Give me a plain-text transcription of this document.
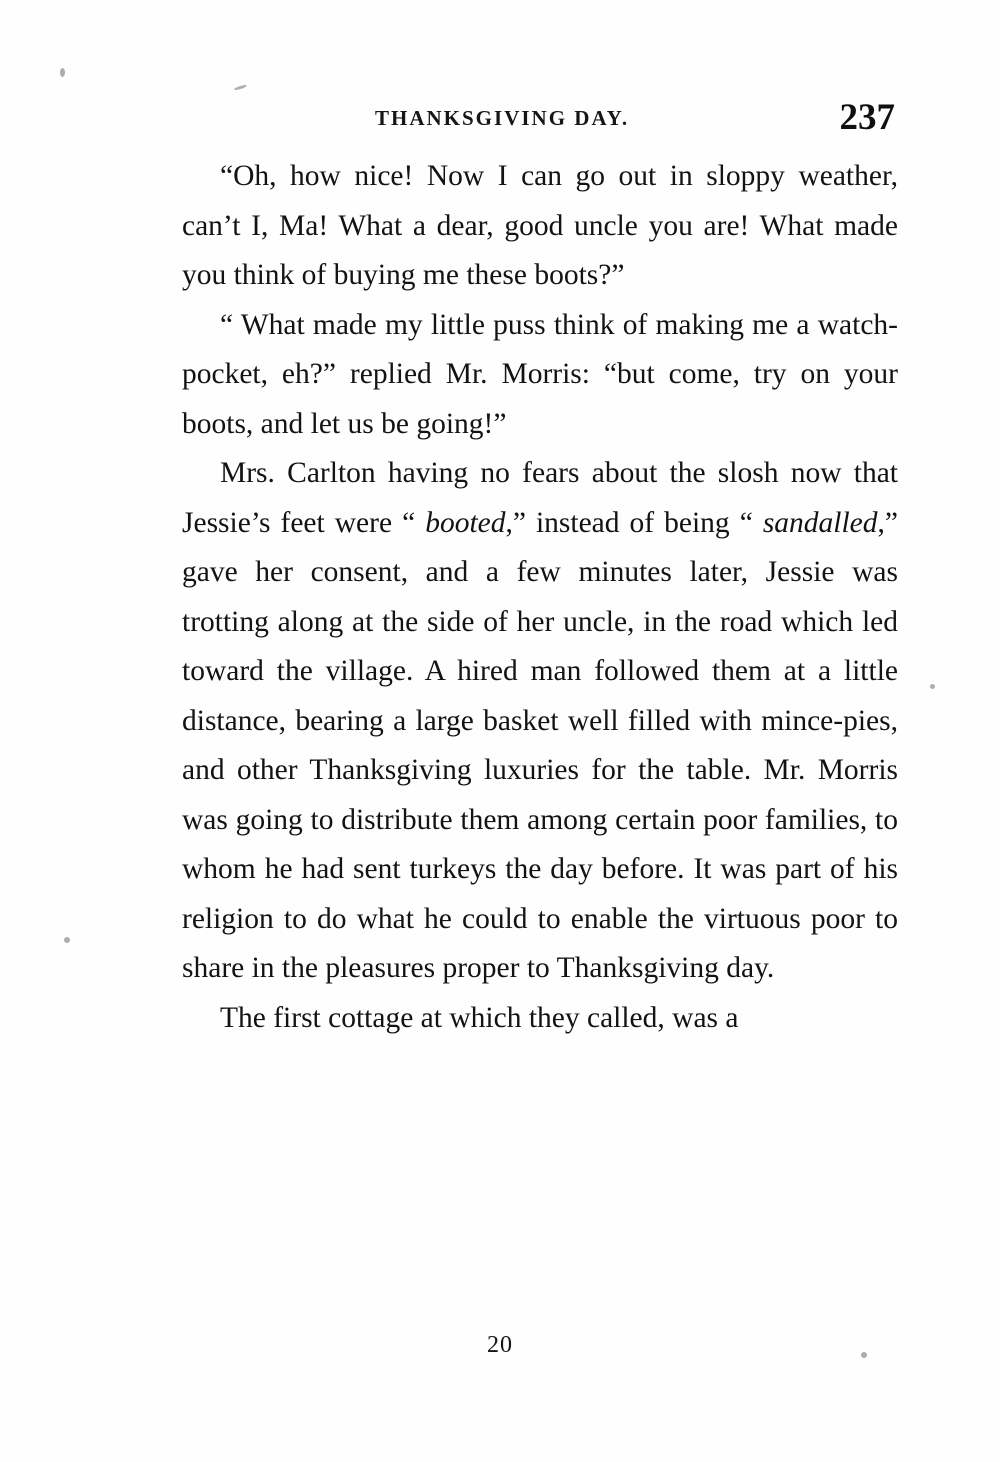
THANKSGIVING DAY.	237

“Oh, how nice! Now I can go out in sloppy weather, can’t I, Ma! What a dear, good uncle you are! What made you think of buying me these boots?”

“ What made my little puss think of making me a watch-pocket, eh?” replied Mr. Morris: “but come, try on your boots, and let us be going!”

Mrs. Carlton having no fears about the slosh now that Jessie’s feet were “ booted,” instead of being “ sandalled,” gave her consent, and a few minutes later, Jessie was trotting along at the side of her uncle, in the road which led toward the village. A hired man followed them at a little distance, bearing a large basket well filled with mince-pies, and other Thanksgiving luxuries for the table. Mr. Morris was going to distribute them among certain poor families, to whom he had sent turkeys the day before. It was part of his religion to do what he could to enable the virtuous poor to share in the pleasures proper to Thanksgiving day.

The first cottage at which they called, was a

20
